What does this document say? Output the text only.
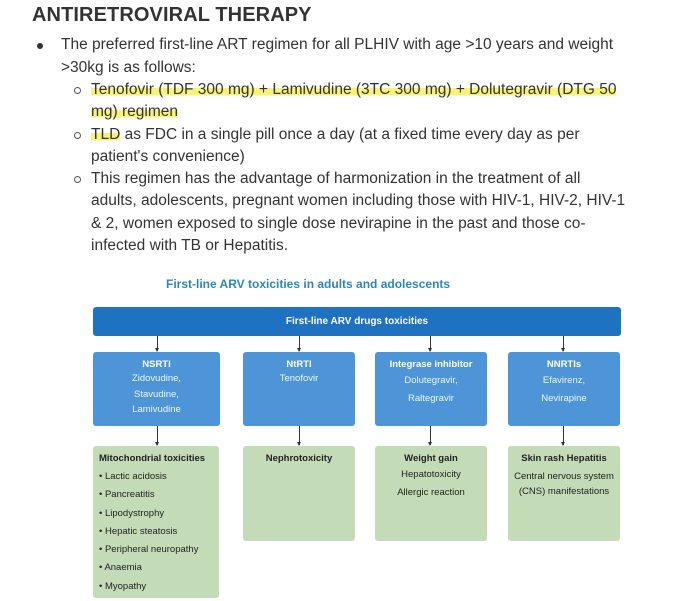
ANTIRETROVIRAL THERAPY
The preferred first-line ART regimen for all PLHIV with age >10 years and weight
>30kg is as follows:
Tenofovir (TDF 300 mg) + Lamivudine (3TC 300 mg) + Dolutegravir (DTG 50
mg) regimen
TLD as FDC in a single pill once a day (at a fixed time every day as per
patient's convenience)
This regimen has the advantage of harmonization in the treatment of all
adults, adolescents, pregnant women including those with HIV-1, HIV-2, HIV-1
& 2, women exposed to single dose nevirapine in the past and those co-
infected with TB or Hepatitis.
First-line ARV toxicities in adults and adolescents
First-line ARV drugs toxicities
NSRTI
Zidovudine,
Stavudine,
Lamivudine
NtRTI
Tenofovir
Integrase inhibitor
Dolutegravir,
Raltegravir
NNRTIs
Efavirenz,
Nevirapine
Mitochondrial toxicities
• Lactic acidosis
• Pancreatitis
• Lipodystrophy
• Hepatic steatosis
• Peripheral neuropathy
• Anaemia
• Myopathy
Nephrotoxicity	Weight gain
Hepatotoxicity
Allergic reaction
Skin rash Hepatitis
Central nervous system
(CNS) manifestations
